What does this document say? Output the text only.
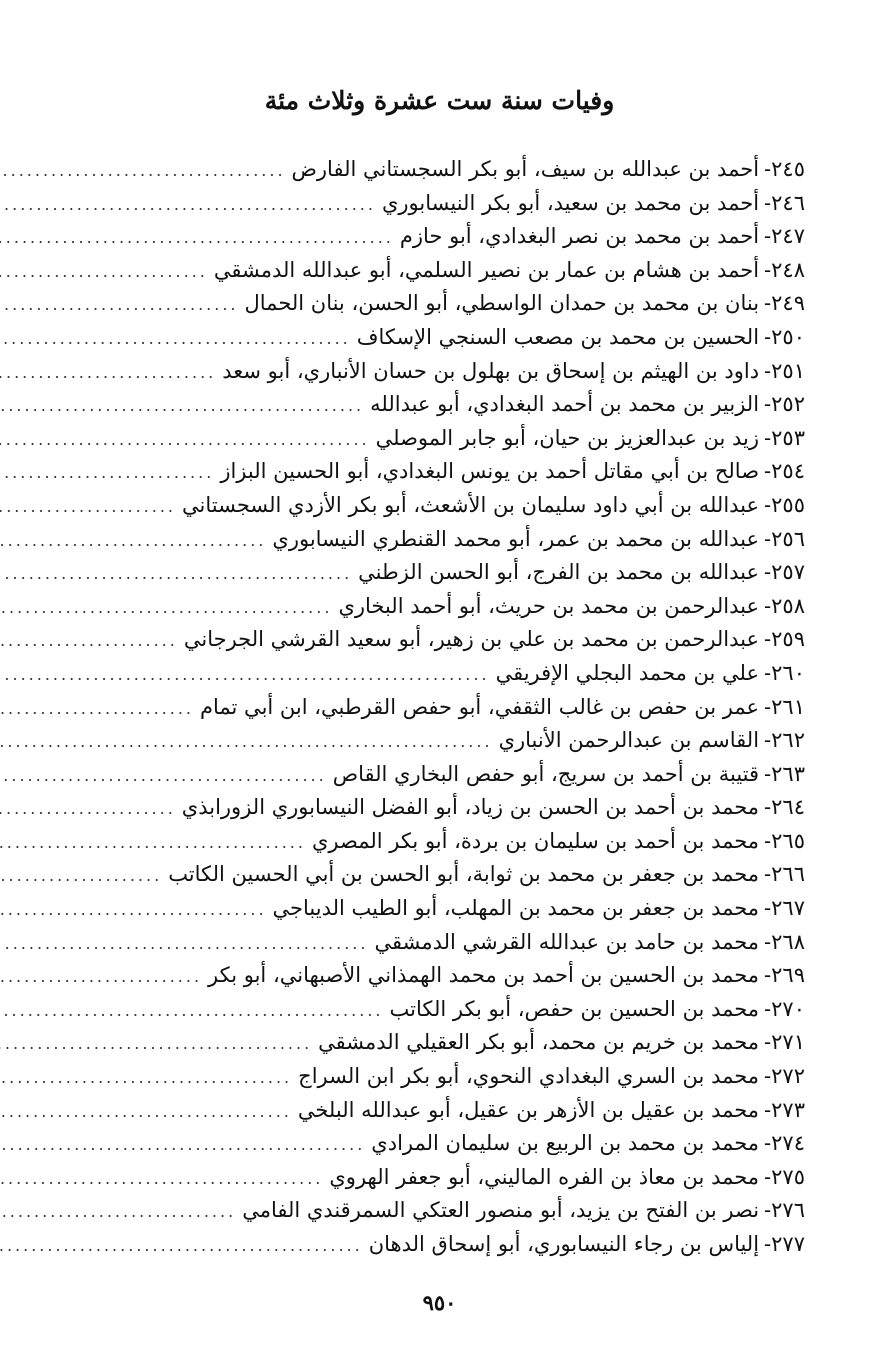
وفيات سنة ست عشرة وثلاث مئة
٢٤٥
-
أحمد بن عبدالله بن سيف، أبو بكر السجستاني الفارض
.....
٢٤٦
-
أحمد بن محمد بن سعيد، أبو بكر النيسابوري
.....
٢٤٧
-
أحمد بن محمد بن نصر البغدادي، أبو حازم
.....
٢٤٨
-
أحمد بن هشام بن عمار بن نصير السلمي، أبو عبدالله الدمشقي
.....
٢٤٩
-
بنان بن محمد بن حمدان الواسطي، أبو الحسن، بنان الحمال
.....
٢٥٠
-
الحسين بن محمد بن مصعب السنجي الإسكاف
.....
٢٥١
-
داود بن الهيثم بن إسحاق بن بهلول بن حسان الأنباري، أبو سعد
.....
٢٥٢
-
الزبير بن محمد بن أحمد البغدادي، أبو عبدالله
.....
٢٥٣
-
زيد بن عبدالعزيز بن حيان، أبو جابر الموصلي
.....
٢٥٤
-
صالح بن أبي مقاتل أحمد بن يونس البغدادي، أبو الحسين البزاز
.....
٢٥٥
-
عبدالله بن أبي داود سليمان بن الأشعث، أبو بكر الأزدي السجستاني
.....
٢٥٦
-
عبدالله بن محمد بن عمر، أبو محمد القنطري النيسابوري
.....
٢٥٧
-
عبدالله بن محمد بن الفرج، أبو الحسن الزطني
.....
٢٥٨
-
عبدالرحمن بن محمد بن حريث، أبو أحمد البخاري
.....
٢٥٩
-
عبدالرحمن بن محمد بن علي بن زهير، أبو سعيد القرشي الجرجاني
.....
٢٦٠
-
علي بن محمد البجلي الإفريقي
.....
٢٦١
-
عمر بن حفص بن غالب الثقفي، أبو حفص القرطبي، ابن أبي تمام
.....
٢٦٢
-
القاسم بن عبدالرحمن الأنباري
.....
٢٦٣
-
قتيبة بن أحمد بن سريج، أبو حفص البخاري القاص
.....
٢٦٤
-
محمد بن أحمد بن الحسن بن زياد، أبو الفضل النيسابوري الزورابذي
.....
٢٦٥
-
محمد بن أحمد بن سليمان بن بردة، أبو بكر المصري
.....
٢٦٦
-
محمد بن جعفر بن محمد بن ثوابة، أبو الحسن بن أبي الحسين الكاتب
.....
٢٦٧
-
محمد بن جعفر بن محمد بن المهلب، أبو الطيب الديباجي
.....
٢٦٨
-
محمد بن حامد بن عبدالله القرشي الدمشقي
.....
٢٦٩
-
محمد بن الحسين بن أحمد بن محمد الهمذاني الأصبهاني، أبو بكر
.....
٢٧٠
-
محمد بن الحسين بن حفص، أبو بكر الكاتب
.....
٢٧١
-
محمد بن خريم بن محمد، أبو بكر العقيلي الدمشقي
.....
٢٧٢
-
محمد بن السري البغدادي النحوي، أبو بكر ابن السراج
.....
٢٧٣
-
محمد بن عقيل بن الأزهر بن عقيل، أبو عبدالله البلخي
.....
٢٧٤
-
محمد بن محمد بن الربيع بن سليمان المرادي
.....
٢٧٥
-
محمد بن معاذ بن الفره الماليني، أبو جعفر الهروي
.....
٢٧٦
-
نصر بن الفتح بن يزيد، أبو منصور العتكي السمرقندي الفامي
.....
٢٧٧
-
إلياس بن رجاء النيسابوري، أبو إسحاق الدهان
.....
٩٥٠
